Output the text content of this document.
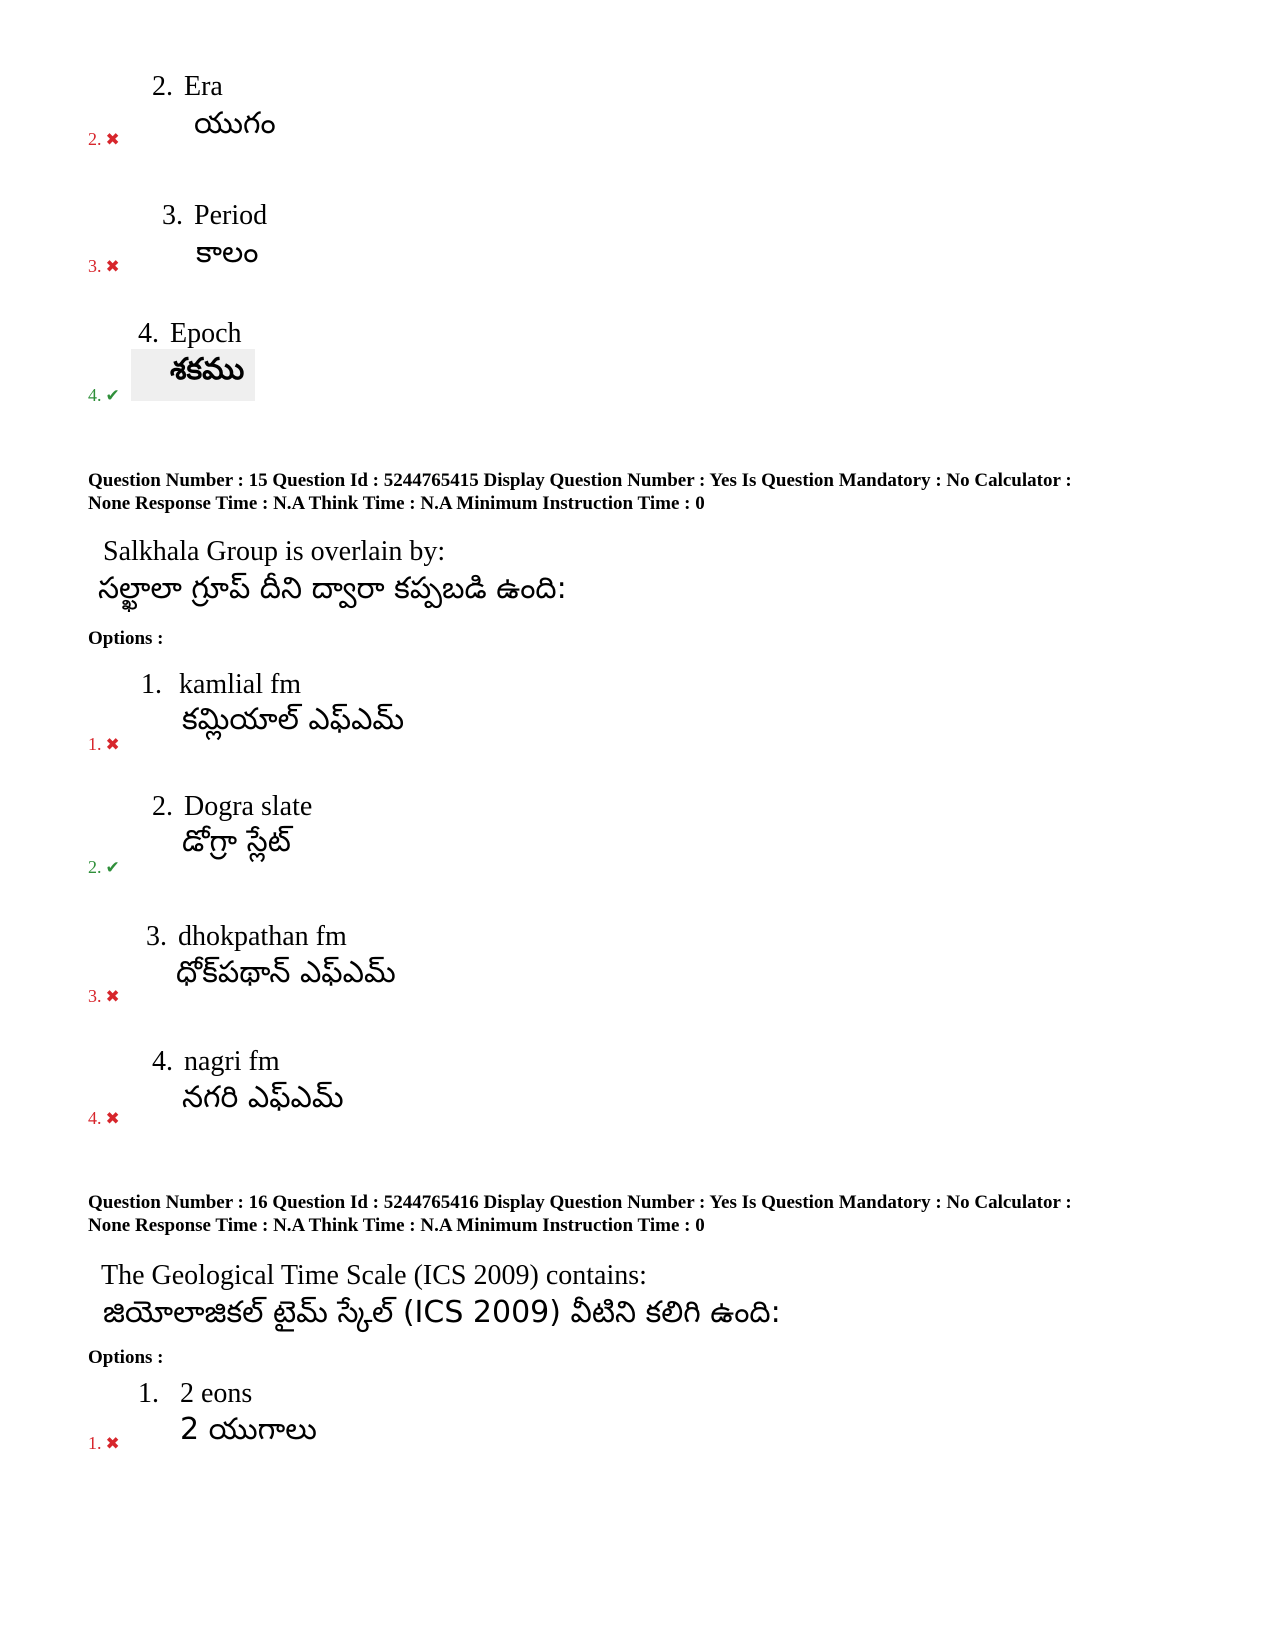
2. Era
యుగం
2. ✖
3. Period
కాలం
3. ✖
4. Epoch
శకము
4. ✔
Question Number : 15 Question Id : 5244765415 Display Question Number : Yes Is Question Mandatory : No Calculator :
None Response Time : N.A Think Time : N.A Minimum Instruction Time : 0
Salkhala Group is overlain by:
సల్ఖాలా గ్రూప్ దీని ద్వారా కప్పబడి ఉంది:
Options :
1. kamlial fm
కమ్లియాల్ ఎఫ్ఎమ్
1. ✖
2. Dogra slate
డోగ్రా స్లేట్
2. ✔
3. dhokpathan fm
ధోక్‌పథాన్ ఎఫ్ఎమ్
3. ✖
4. nagri fm
నగరి ఎఫ్ఎమ్
4. ✖
Question Number : 16 Question Id : 5244765416 Display Question Number : Yes Is Question Mandatory : No Calculator :
None Response Time : N.A Think Time : N.A Minimum Instruction Time : 0
The Geological Time Scale (ICS 2009) contains:
జియోలాజికల్ టైమ్ స్కేల్ (ICS 2009) వీటిని కలిగి ఉంది:
Options :
1. 2 eons
2 యుగాలు
1. ✖
